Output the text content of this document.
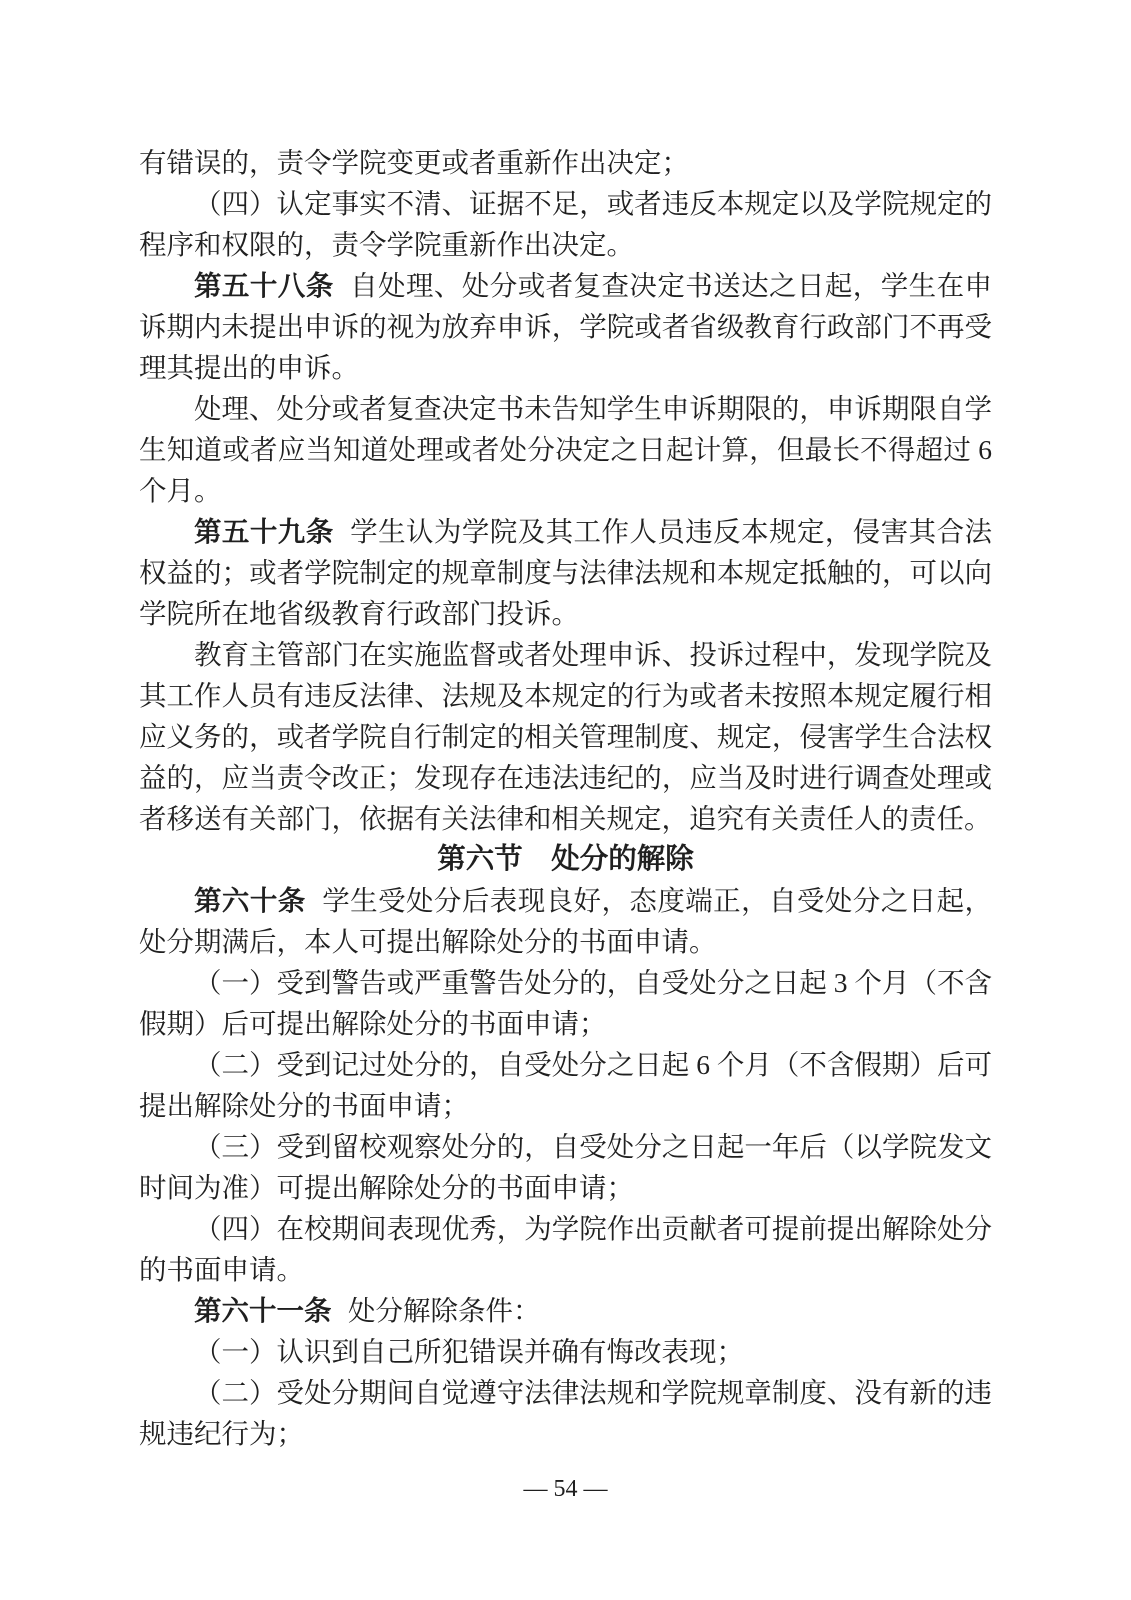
有错误的，责令学院变更或者重新作出决定；

（四）认定事实不清、证据不足，或者违反本规定以及学院规定的程序和权限的，责令学院重新作出决定。

第五十八条 自处理、处分或者复查决定书送达之日起，学生在申诉期内未提出申诉的视为放弃申诉，学院或者省级教育行政部门不再受理其提出的申诉。

处理、处分或者复查决定书未告知学生申诉期限的，申诉期限自学生知道或者应当知道处理或者处分决定之日起计算，但最长不得超过 6 个月。

第五十九条 学生认为学院及其工作人员违反本规定，侵害其合法权益的；或者学院制定的规章制度与法律法规和本规定抵触的，可以向学院所在地省级教育行政部门投诉。

教育主管部门在实施监督或者处理申诉、投诉过程中，发现学院及其工作人员有违反法律、法规及本规定的行为或者未按照本规定履行相应义务的，或者学院自行制定的相关管理制度、规定，侵害学生合法权益的，应当责令改正；发现存在违法违纪的，应当及时进行调查处理或者移送有关部门，依据有关法律和相关规定，追究有关责任人的责任。

第六节　处分的解除

第六十条 学生受处分后表现良好，态度端正，自受处分之日起，处分期满后，本人可提出解除处分的书面申请。

（一）受到警告或严重警告处分的，自受处分之日起 3 个月（不含假期）后可提出解除处分的书面申请；

（二）受到记过处分的，自受处分之日起 6 个月（不含假期）后可提出解除处分的书面申请；

（三）受到留校观察处分的，自受处分之日起一年后（以学院发文时间为准）可提出解除处分的书面申请；

（四）在校期间表现优秀，为学院作出贡献者可提前提出解除处分的书面申请。

第六十一条 处分解除条件：

（一）认识到自己所犯错误并确有悔改表现；

（二）受处分期间自觉遵守法律法规和学院规章制度、没有新的违规违纪行为；

— 54 —
